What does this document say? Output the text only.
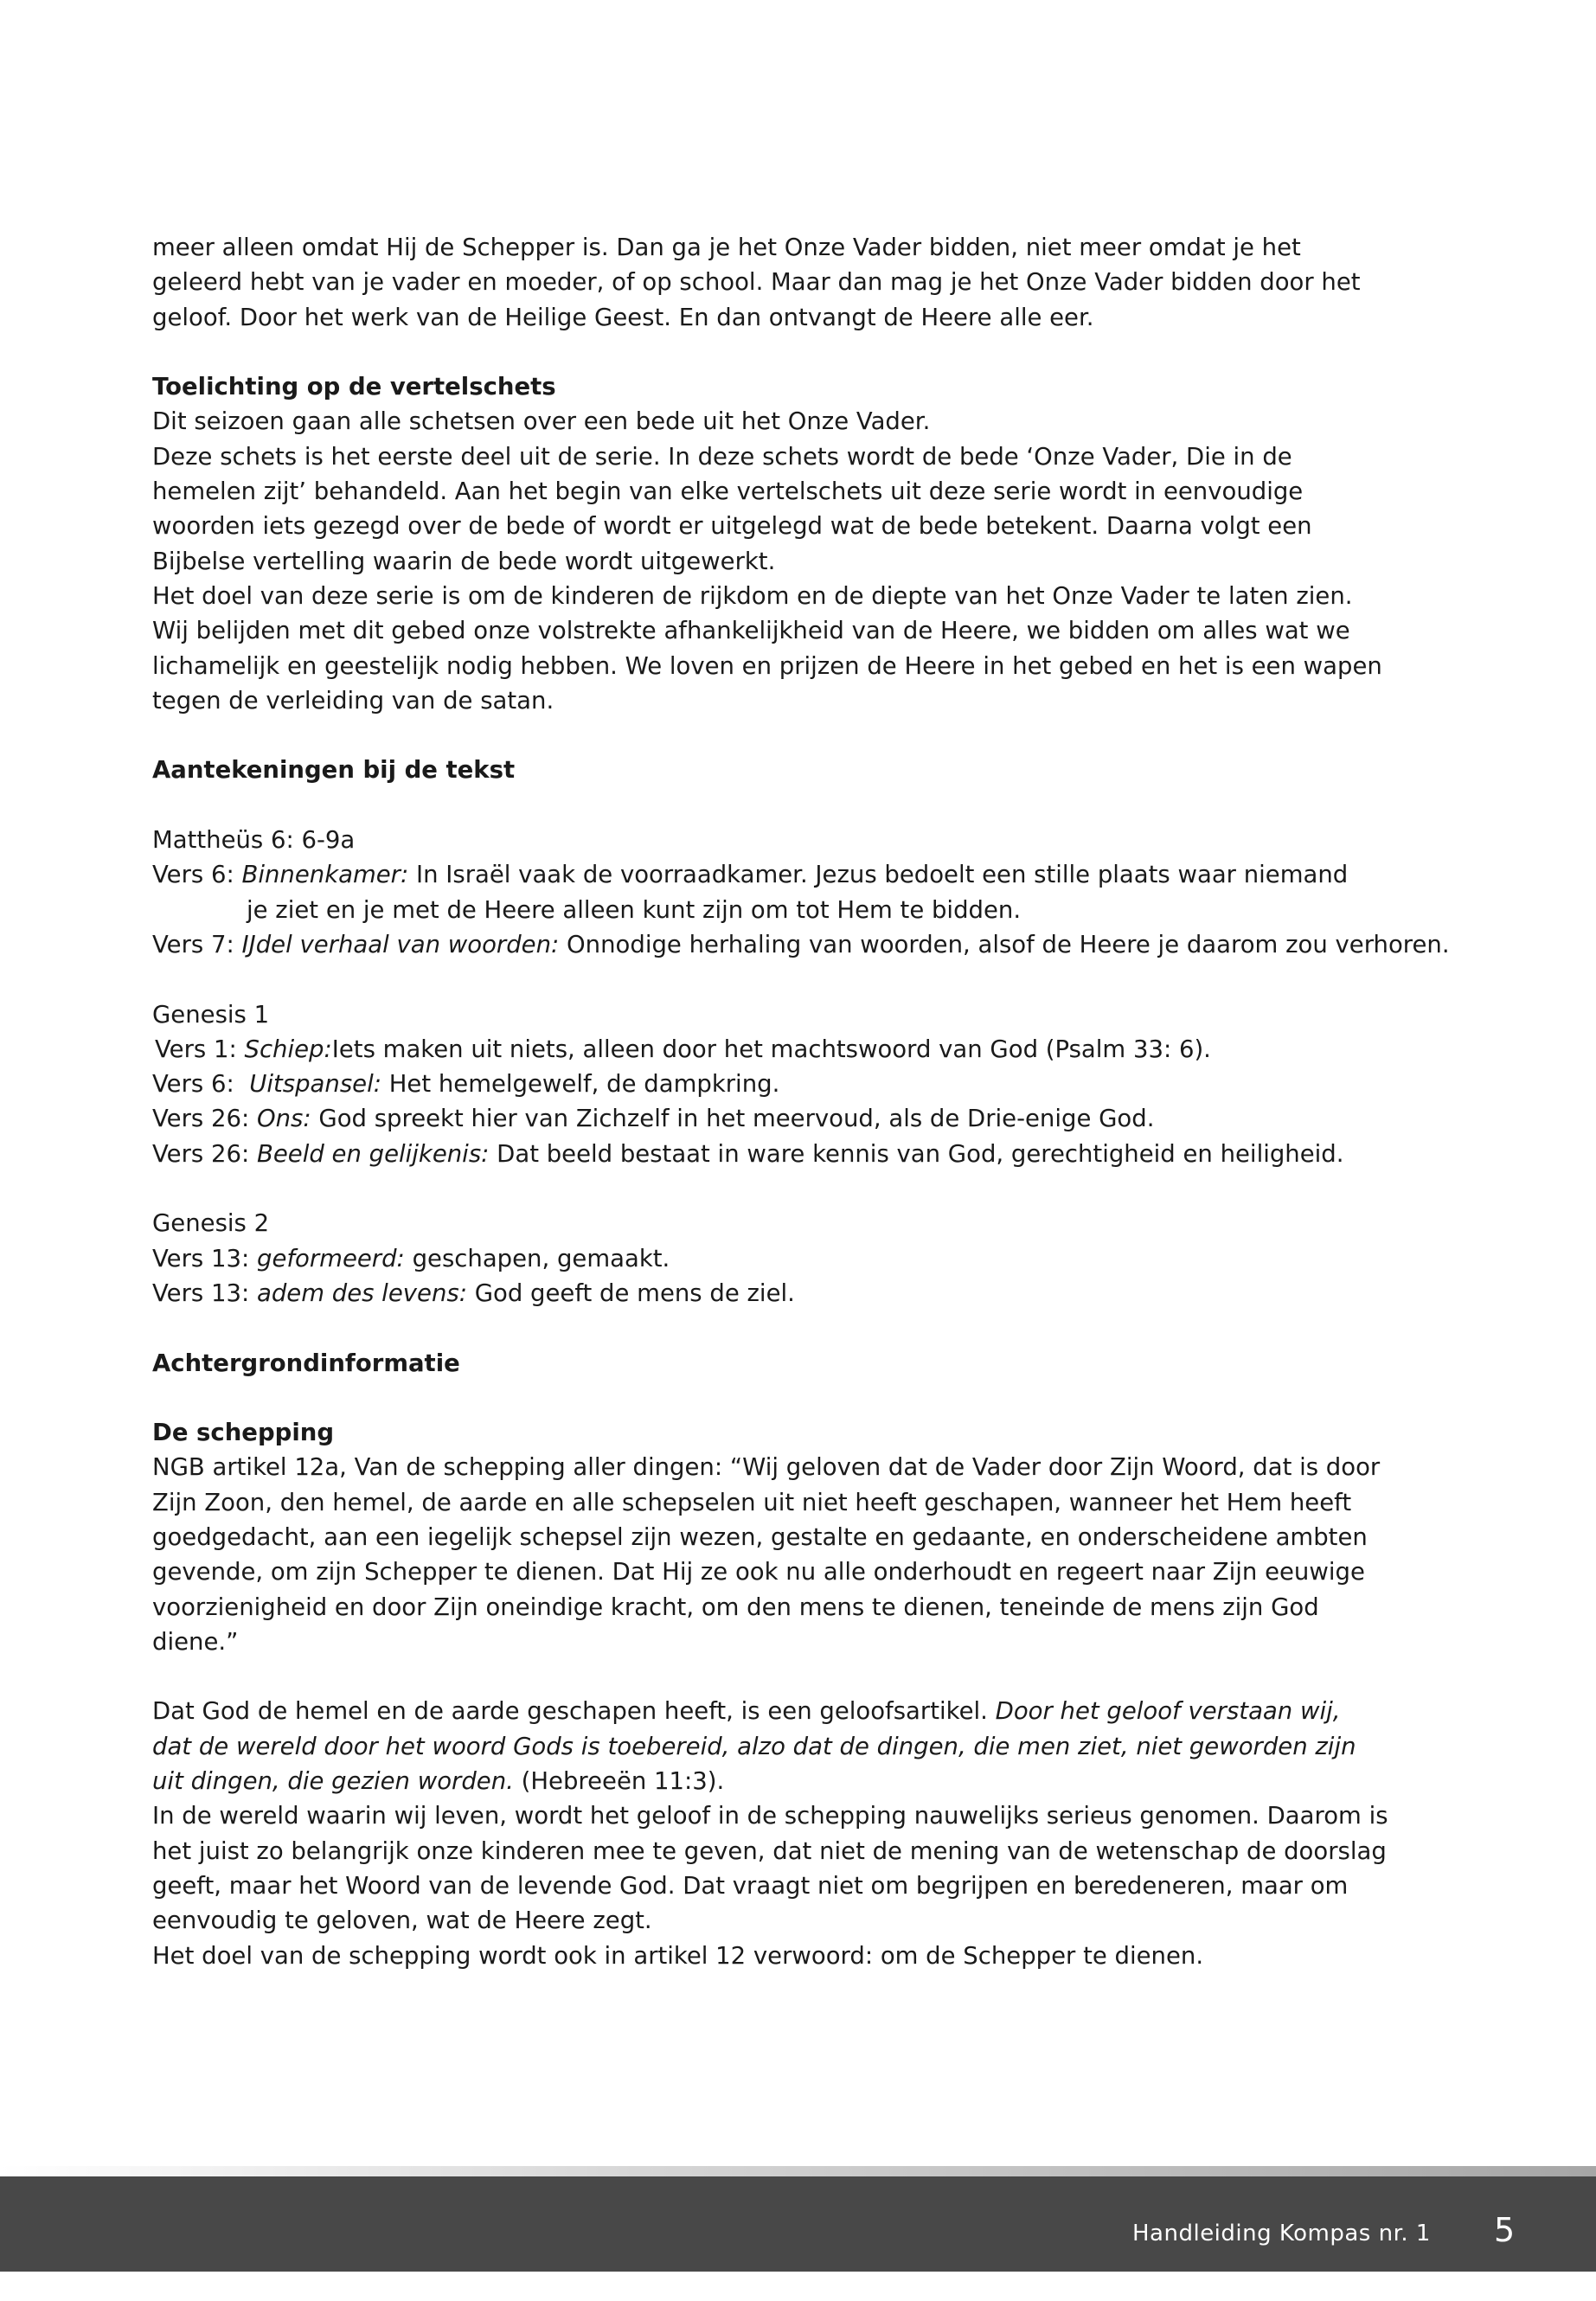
meer alleen omdat Hij de Schepper is. Dan ga je het Onze Vader bidden, niet meer omdat je het

geleerd hebt van je vader en moeder, of op school. Maar dan mag je het Onze Vader bidden door het

geloof. Door het werk van de Heilige Geest. En dan ontvangt de Heere alle eer.

Toelichting op de vertelschets

Dit seizoen gaan alle schetsen over een bede uit het Onze Vader.

Deze schets is het eerste deel uit de serie. In deze schets wordt de bede ‘Onze Vader, Die in de

hemelen zijt’ behandeld. Aan het begin van elke vertelschets uit deze serie wordt in eenvoudige

woorden iets gezegd over de bede of wordt er uitgelegd wat de bede betekent. Daarna volgt een

Bijbelse vertelling waarin de bede wordt uitgewerkt.

Het doel van deze serie is om de kinderen de rijkdom en de diepte van het Onze Vader te laten zien.

Wij belijden met dit gebed onze volstrekte afhankelijkheid van de Heere, we bidden om alles wat we

lichamelijk en geestelijk nodig hebben. We loven en prijzen de Heere in het gebed en het is een wapen

tegen de verleiding van de satan.

Aantekeningen bij de tekst

Mattheüs 6: 6-9a

Vers 6: Binnenkamer: In Israël vaak de voorraadkamer. Jezus bedoelt een stille plaats waar niemand je ziet en je met de Heere alleen kunt zijn om tot Hem te bidden.

Vers 7: IJdel verhaal van woorden: Onnodige herhaling van woorden, alsof de Heere je daarom zou verhoren.

Genesis 1

Vers 1: Schiep:Iets maken uit niets, alleen door het machtswoord van God (Psalm 33: 6).

Vers 6:  Uitspansel: Het hemelgewelf, de dampkring.

Vers 26: Ons: God spreekt hier van Zichzelf in het meervoud, als de Drie-enige God.

Vers 26: Beeld en gelijkenis: Dat beeld bestaat in ware kennis van God, gerechtigheid en heiligheid.

Genesis 2

Vers 13: geformeerd: geschapen, gemaakt.

Vers 13: adem des levens: God geeft de mens de ziel.

Achtergrondinformatie

De schepping

NGB artikel 12a, Van de schepping aller dingen: “Wij geloven dat de Vader door Zijn Woord, dat is door

Zijn Zoon, den hemel, de aarde en alle schepselen uit niet heeft geschapen, wanneer het Hem heeft

goedgedacht, aan een iegelijk schepsel zijn wezen, gestalte en gedaante, en onderscheidene ambten

gevende, om zijn Schepper te dienen. Dat Hij ze ook nu alle onderhoudt en regeert naar Zijn eeuwige

voorzienigheid en door Zijn oneindige kracht, om den mens te dienen, teneinde de mens zijn God

diene.”

Dat God de hemel en de aarde geschapen heeft, is een geloofsartikel. Door het geloof verstaan wij,

dat de wereld door het woord Gods is toebereid, alzo dat de dingen, die men ziet, niet geworden zijn

uit dingen, die gezien worden. (Hebreeën 11:3).

In de wereld waarin wij leven, wordt het geloof in de schepping nauwelijks serieus genomen. Daarom is

het juist zo belangrijk onze kinderen mee te geven, dat niet de mening van de wetenschap de doorslag

geeft, maar het Woord van de levende God. Dat vraagt niet om begrijpen en beredeneren, maar om

eenvoudig te geloven, wat de Heere zegt.

Het doel van de schepping wordt ook in artikel 12 verwoord: om de Schepper te dienen.

Handleiding Kompas nr. 1 5
